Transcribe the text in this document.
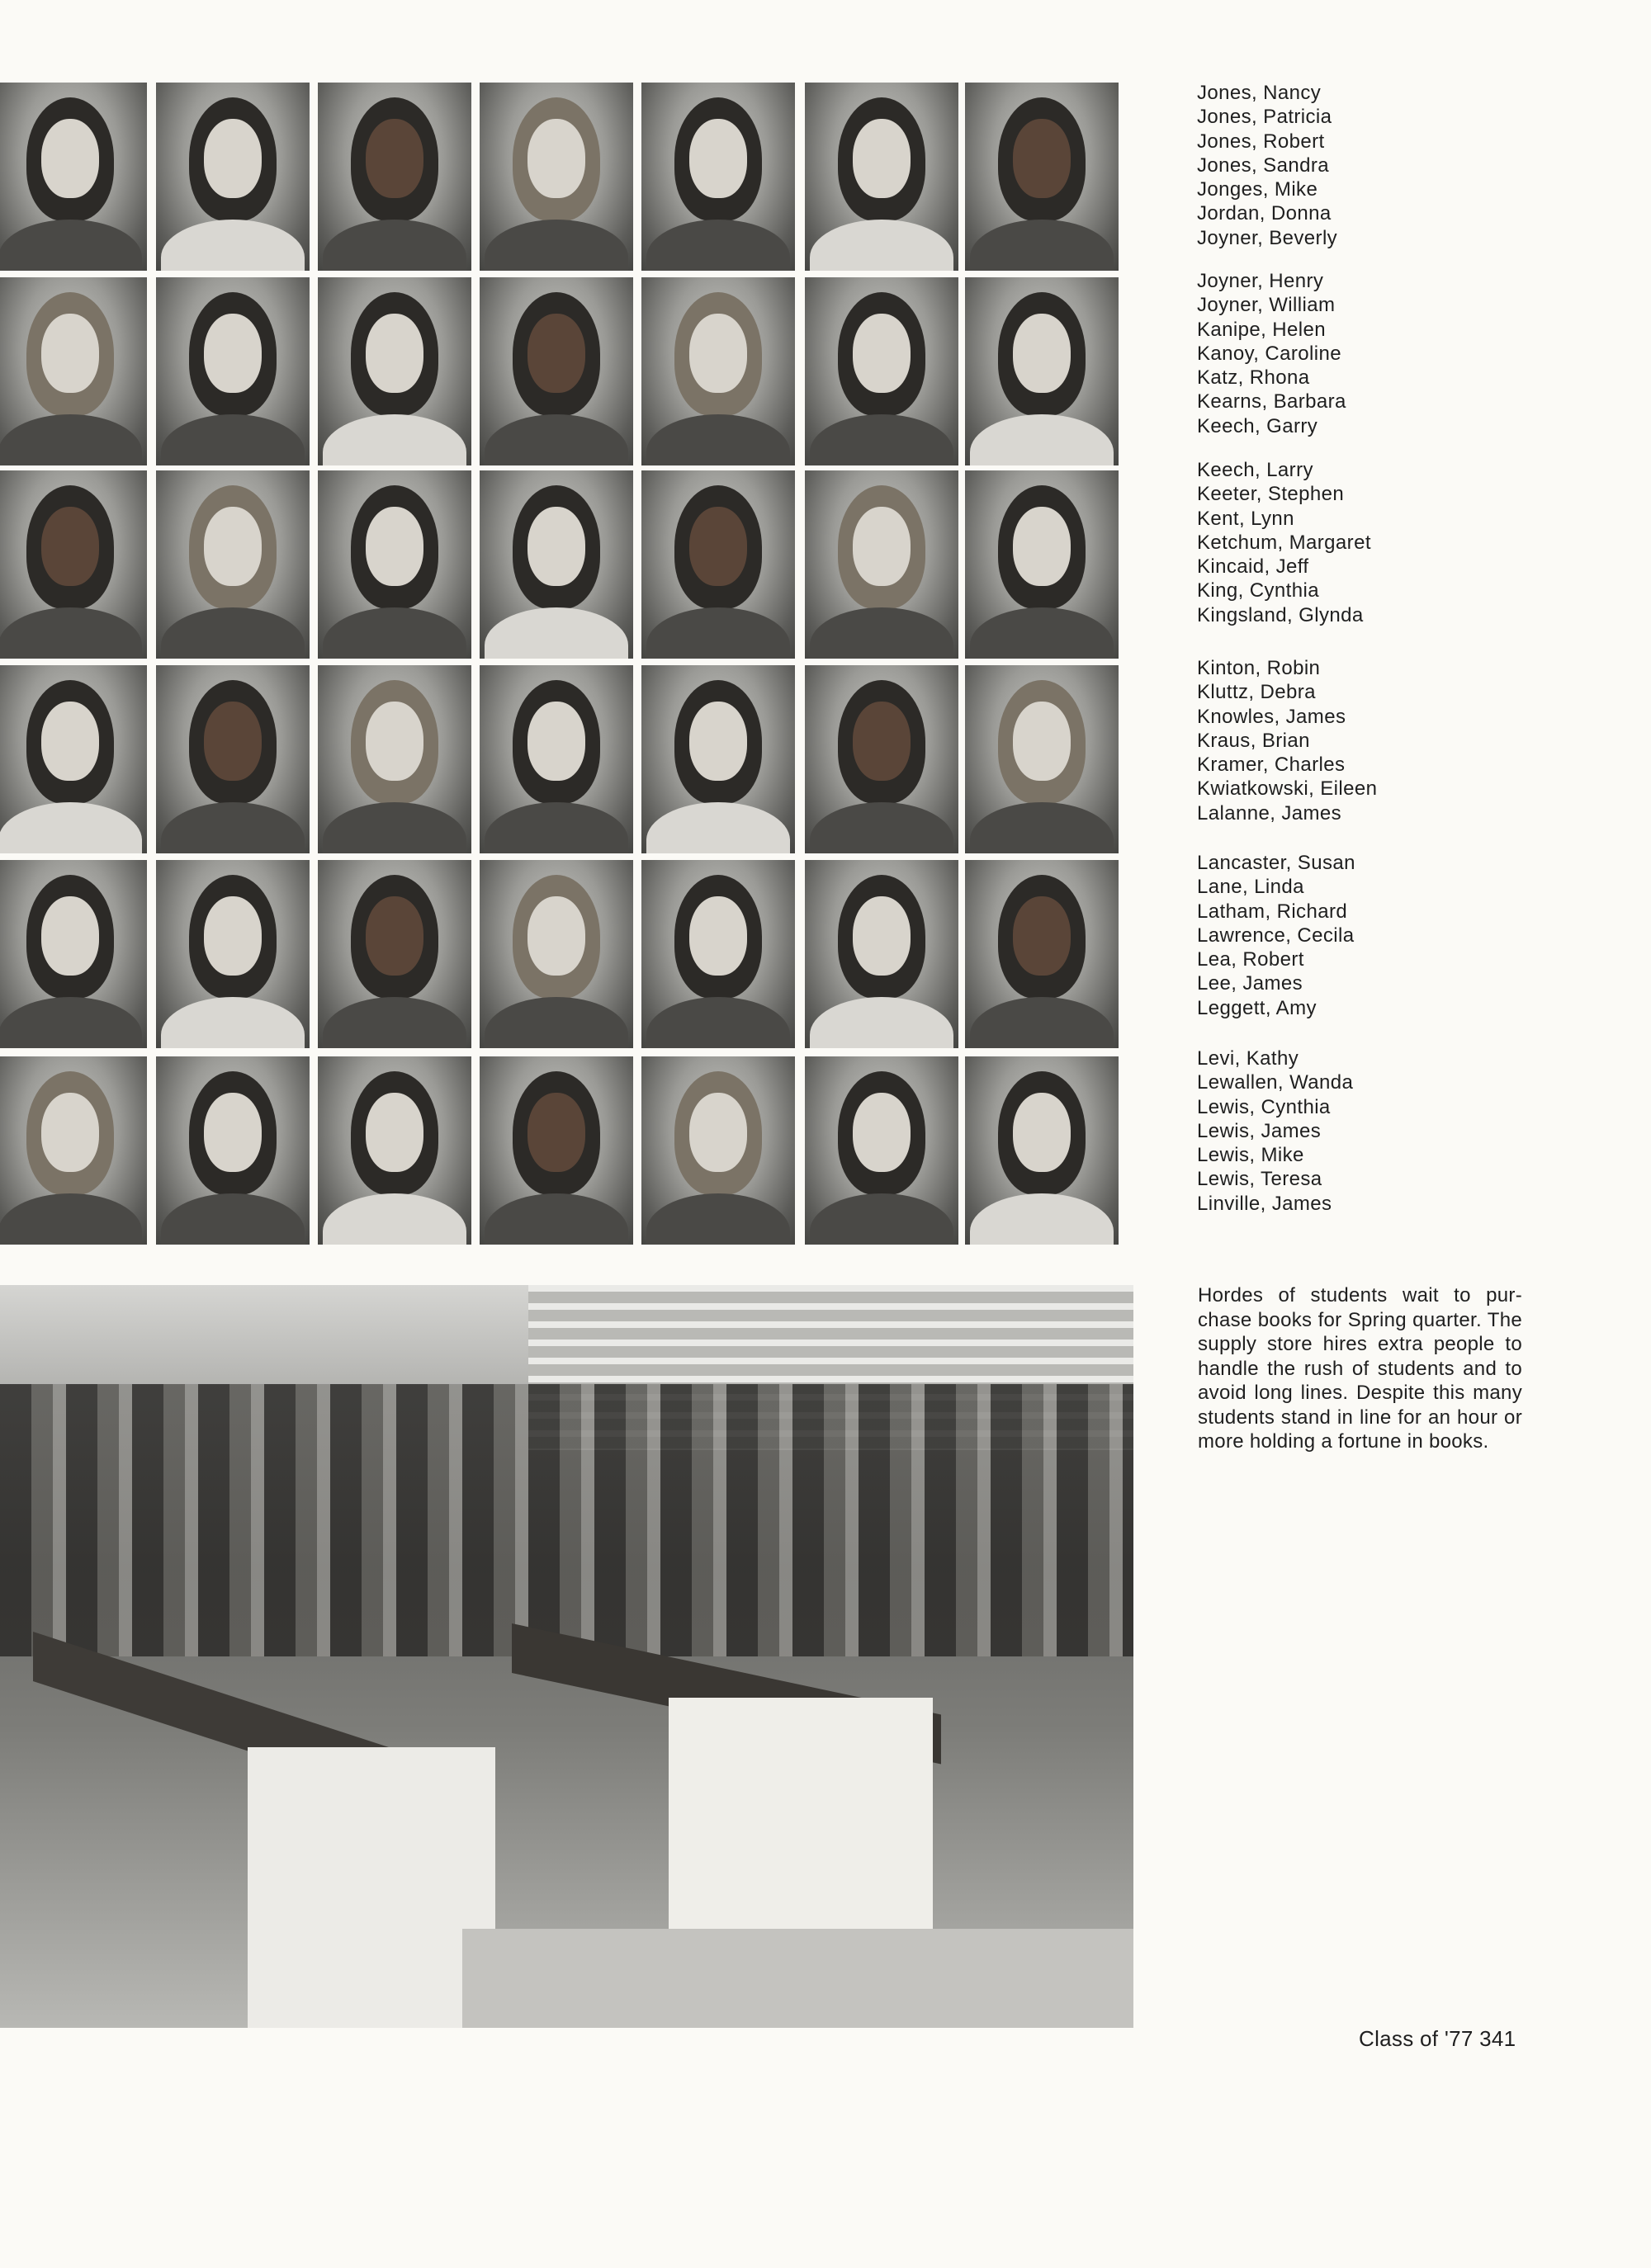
Jones, Nancy
Jones, Patricia
Jones, Robert
Jones, Sandra
Jonges, Mike
Jordan, Donna
Joyner, Beverly
Joyner, Henry
Joyner, William
Kanipe, Helen
Kanoy, Caroline
Katz, Rhona
Kearns, Barbara
Keech, Garry
Keech, Larry
Keeter, Stephen
Kent, Lynn
Ketchum, Margaret
Kincaid, Jeff
King, Cynthia
Kingsland, Glynda
Kinton, Robin
Kluttz, Debra
Knowles, James
Kraus, Brian
Kramer, Charles
Kwiatkowski, Eileen
Lalanne, James
Lancaster, Susan
Lane, Linda
Latham, Richard
Lawrence, Cecila
Lea, Robert
Lee, James
Leggett, Amy
Levi, Kathy
Lewallen, Wanda
Lewis, Cynthia
Lewis, James
Lewis, Mike
Lewis, Teresa
Linville, James
Hordes of students wait to pur-chase books for Spring quarter. The supply store hires extra people to handle the rush of students and to avoid long lines. Despite this many students stand in line for an hour or more holding a fortune in books.
Class of '77 341
